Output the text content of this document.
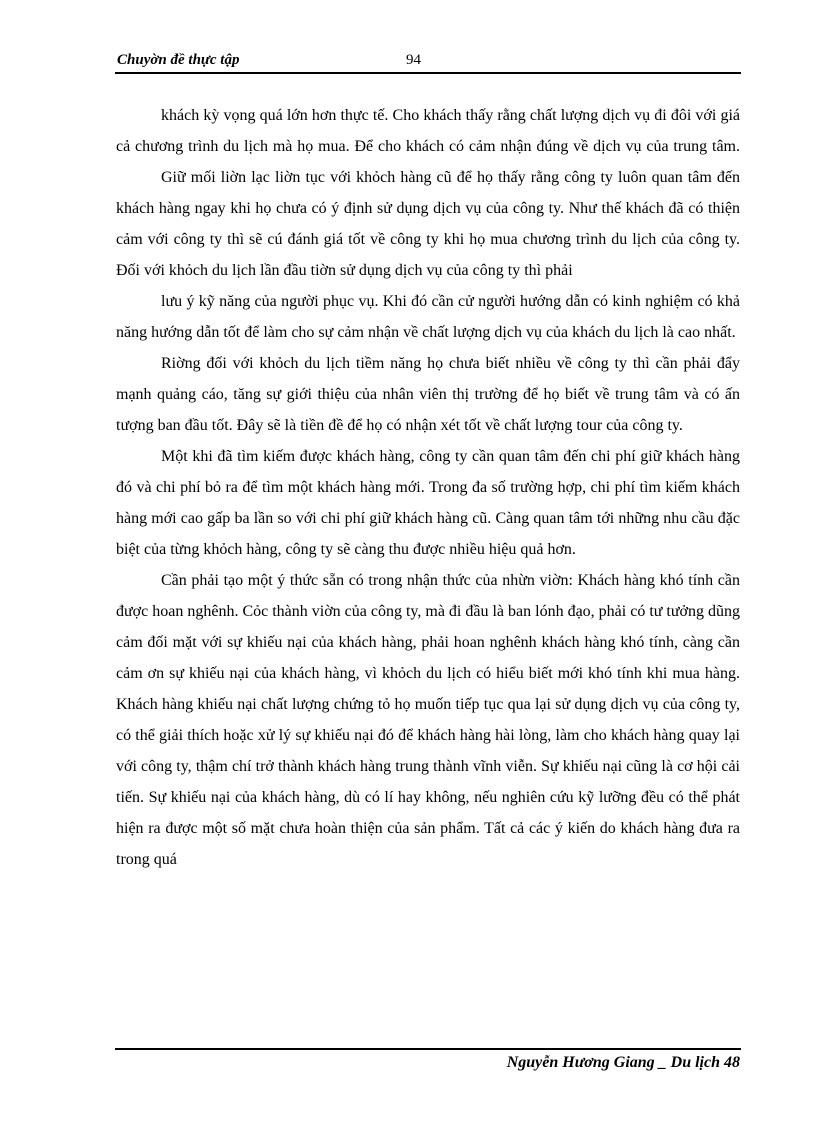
Chuyờn đề thực tập	94

khách kỳ vọng quá lớn hơn thực tế. Cho khách thấy rằng chất lượng dịch vụ đi đôi với giá cả chương trình du lịch mà họ mua. Để cho khách có cảm nhận đúng về dịch vụ của trung tâm.

Giữ mối liờn lạc liờn tục với khỏch hàng cũ để họ thấy rằng công ty luôn quan tâm đến khách hàng ngay khi họ chưa có ý định sử dụng dịch vụ của công ty. Như thế khách đã có thiện cảm với công ty thì sẽ cú đánh giá tốt về công ty khi họ mua chương trình du lịch của công ty. Đối với khỏch du lịch lần đầu tiờn sử dụng dịch vụ của công ty thì phải

lưu ý kỹ năng của người phục vụ. Khi đó cần cử người hướng dẫn có kinh nghiệm có khả năng hướng dẫn tốt để làm cho sự cảm nhận về chất lượng dịch vụ của khách du lịch là cao nhất.

Riờng đối với khỏch du lịch tiềm năng họ chưa biết nhiều về công ty thì cần phải đẩy mạnh quảng cáo, tăng sự giới thiệu của nhân viên thị trường để họ biết về trung tâm và có ấn tượng ban đầu tốt. Đây sẽ là tiền đề để họ có nhận xét tốt về chất lượng tour của công ty.

Một khi đã tìm kiếm được khách hàng, công ty cần quan tâm đến chi phí giữ khách hàng đó và chi phí bỏ ra để tìm một khách hàng mới. Trong đa số trường hợp, chi phí tìm kiếm khách hàng mới cao gấp ba lần so với chi phí giữ khách hàng cũ. Càng quan tâm tới những nhu cầu đặc biệt của từng khỏch hàng, công ty sẽ càng thu được nhiều hiệu quả hơn.

Cần phải tạo một ý thức sẵn có trong nhận thức của nhừn viờn: Khách hàng khó tính cần được hoan nghênh. Cỏc thành viờn của công ty, mà đi đầu là ban lónh đạo, phải có tư tưởng dũng cảm đối mặt với sự khiếu nại của khách hàng, phải hoan nghênh khách hàng khó tính, càng cần cảm ơn sự khiếu nại của khách hàng, vì khỏch du lịch có hiểu biết mới khó tính khi mua hàng. Khách hàng khiếu nại chất lượng chứng tỏ họ muốn tiếp tục qua lại sử dụng dịch vụ của công ty, có thể giải thích hoặc xử lý sự khiếu nại đó để khách hàng hài lòng, làm cho khách hàng quay lại với công ty, thậm chí trở thành khách hàng trung thành vĩnh viễn. Sự khiếu nại cũng là cơ hội cải tiến. Sự khiếu nại của khách hàng, dù có lí hay không, nếu nghiên cứu kỹ lưỡng đều có thể phát hiện ra được một số mặt chưa hoàn thiện của sản phẩm. Tất cả các ý kiến do khách hàng đưa ra trong quá

Nguyễn Hương Giang _ Du lịch 48
